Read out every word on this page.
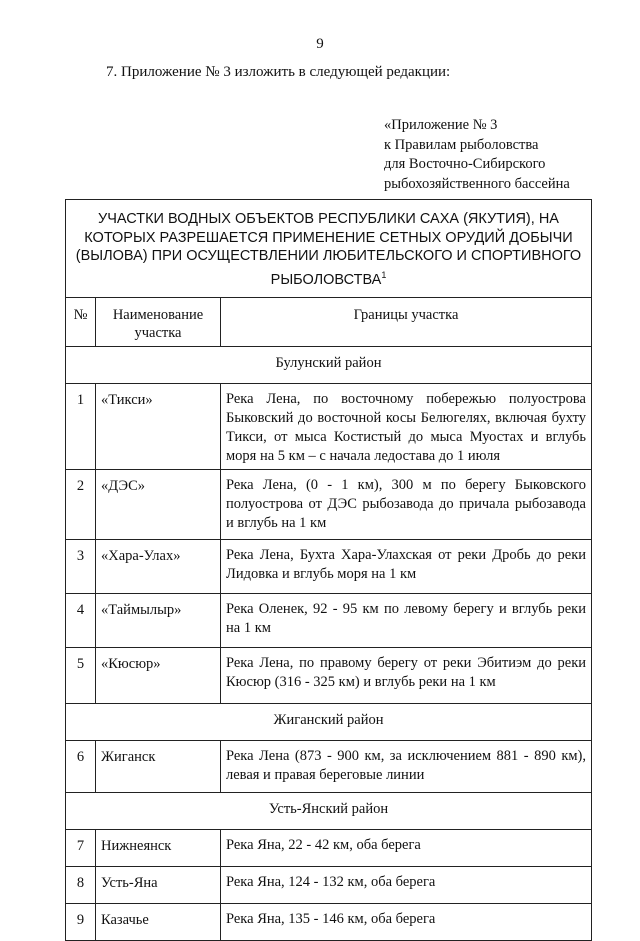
9
7. Приложение № 3 изложить в следующей редакции:
«Приложение № 3
к Правилам рыболовства
для Восточно-Сибирского
рыбохозяйственного бассейна
УЧАСТКИ ВОДНЫХ ОБЪЕКТОВ РЕСПУБЛИКИ САХА (ЯКУТИЯ), НА КОТОРЫХ РАЗРЕШАЕТСЯ ПРИМЕНЕНИЕ СЕТНЫХ ОРУДИЙ ДОБЫЧИ (ВЫЛОВА) ПРИ ОСУЩЕСТВЛЕНИИ ЛЮБИТЕЛЬСКОГО И СПОРТИВНОГО РЫБОЛОВСТВА$^1$
№	Наименование участка	Границы участка
Булунский район		
1	«Тикси»	Река Лена, по восточному побережью полуострова Быковский до восточной косы Белюгелях, включая бухту Тикси, от мыса Костистый до мыса Муостах и вглубь моря на 5 км – с начала ледостава до 1 июля
2	«ДЭС»	Река Лена, (0 - 1 км), 300 м по берегу Быковского полуострова от ДЭС рыбозавода до причала рыбозавода и вглубь на 1 км
3	«Хара-Улах»	Река Лена, Бухта Хара-Улахская от реки Дробь до реки Лидовка и вглубь моря на 1 км
4	«Таймылыр»	Река Оленек, 92 - 95 км по левому берегу и вглубь реки на 1 км
5	«Кюсюр»	Река Лена, по правому берегу от реки Эбитиэм до реки Кюсюр (316 - 325 км) и вглубь реки на 1 км
Жиганский район		
6	Жиганск	Река Лена (873 - 900 км, за исключением 881 - 890 км), левая и правая береговые линии
Усть-Янский район		
7	Нижнеянск	Река Яна, 22 - 42 км, оба берега
8	Усть-Яна	Река Яна, 124 - 132 км, оба берега
9	Казачье	Река Яна, 135 - 146 км, оба берега
